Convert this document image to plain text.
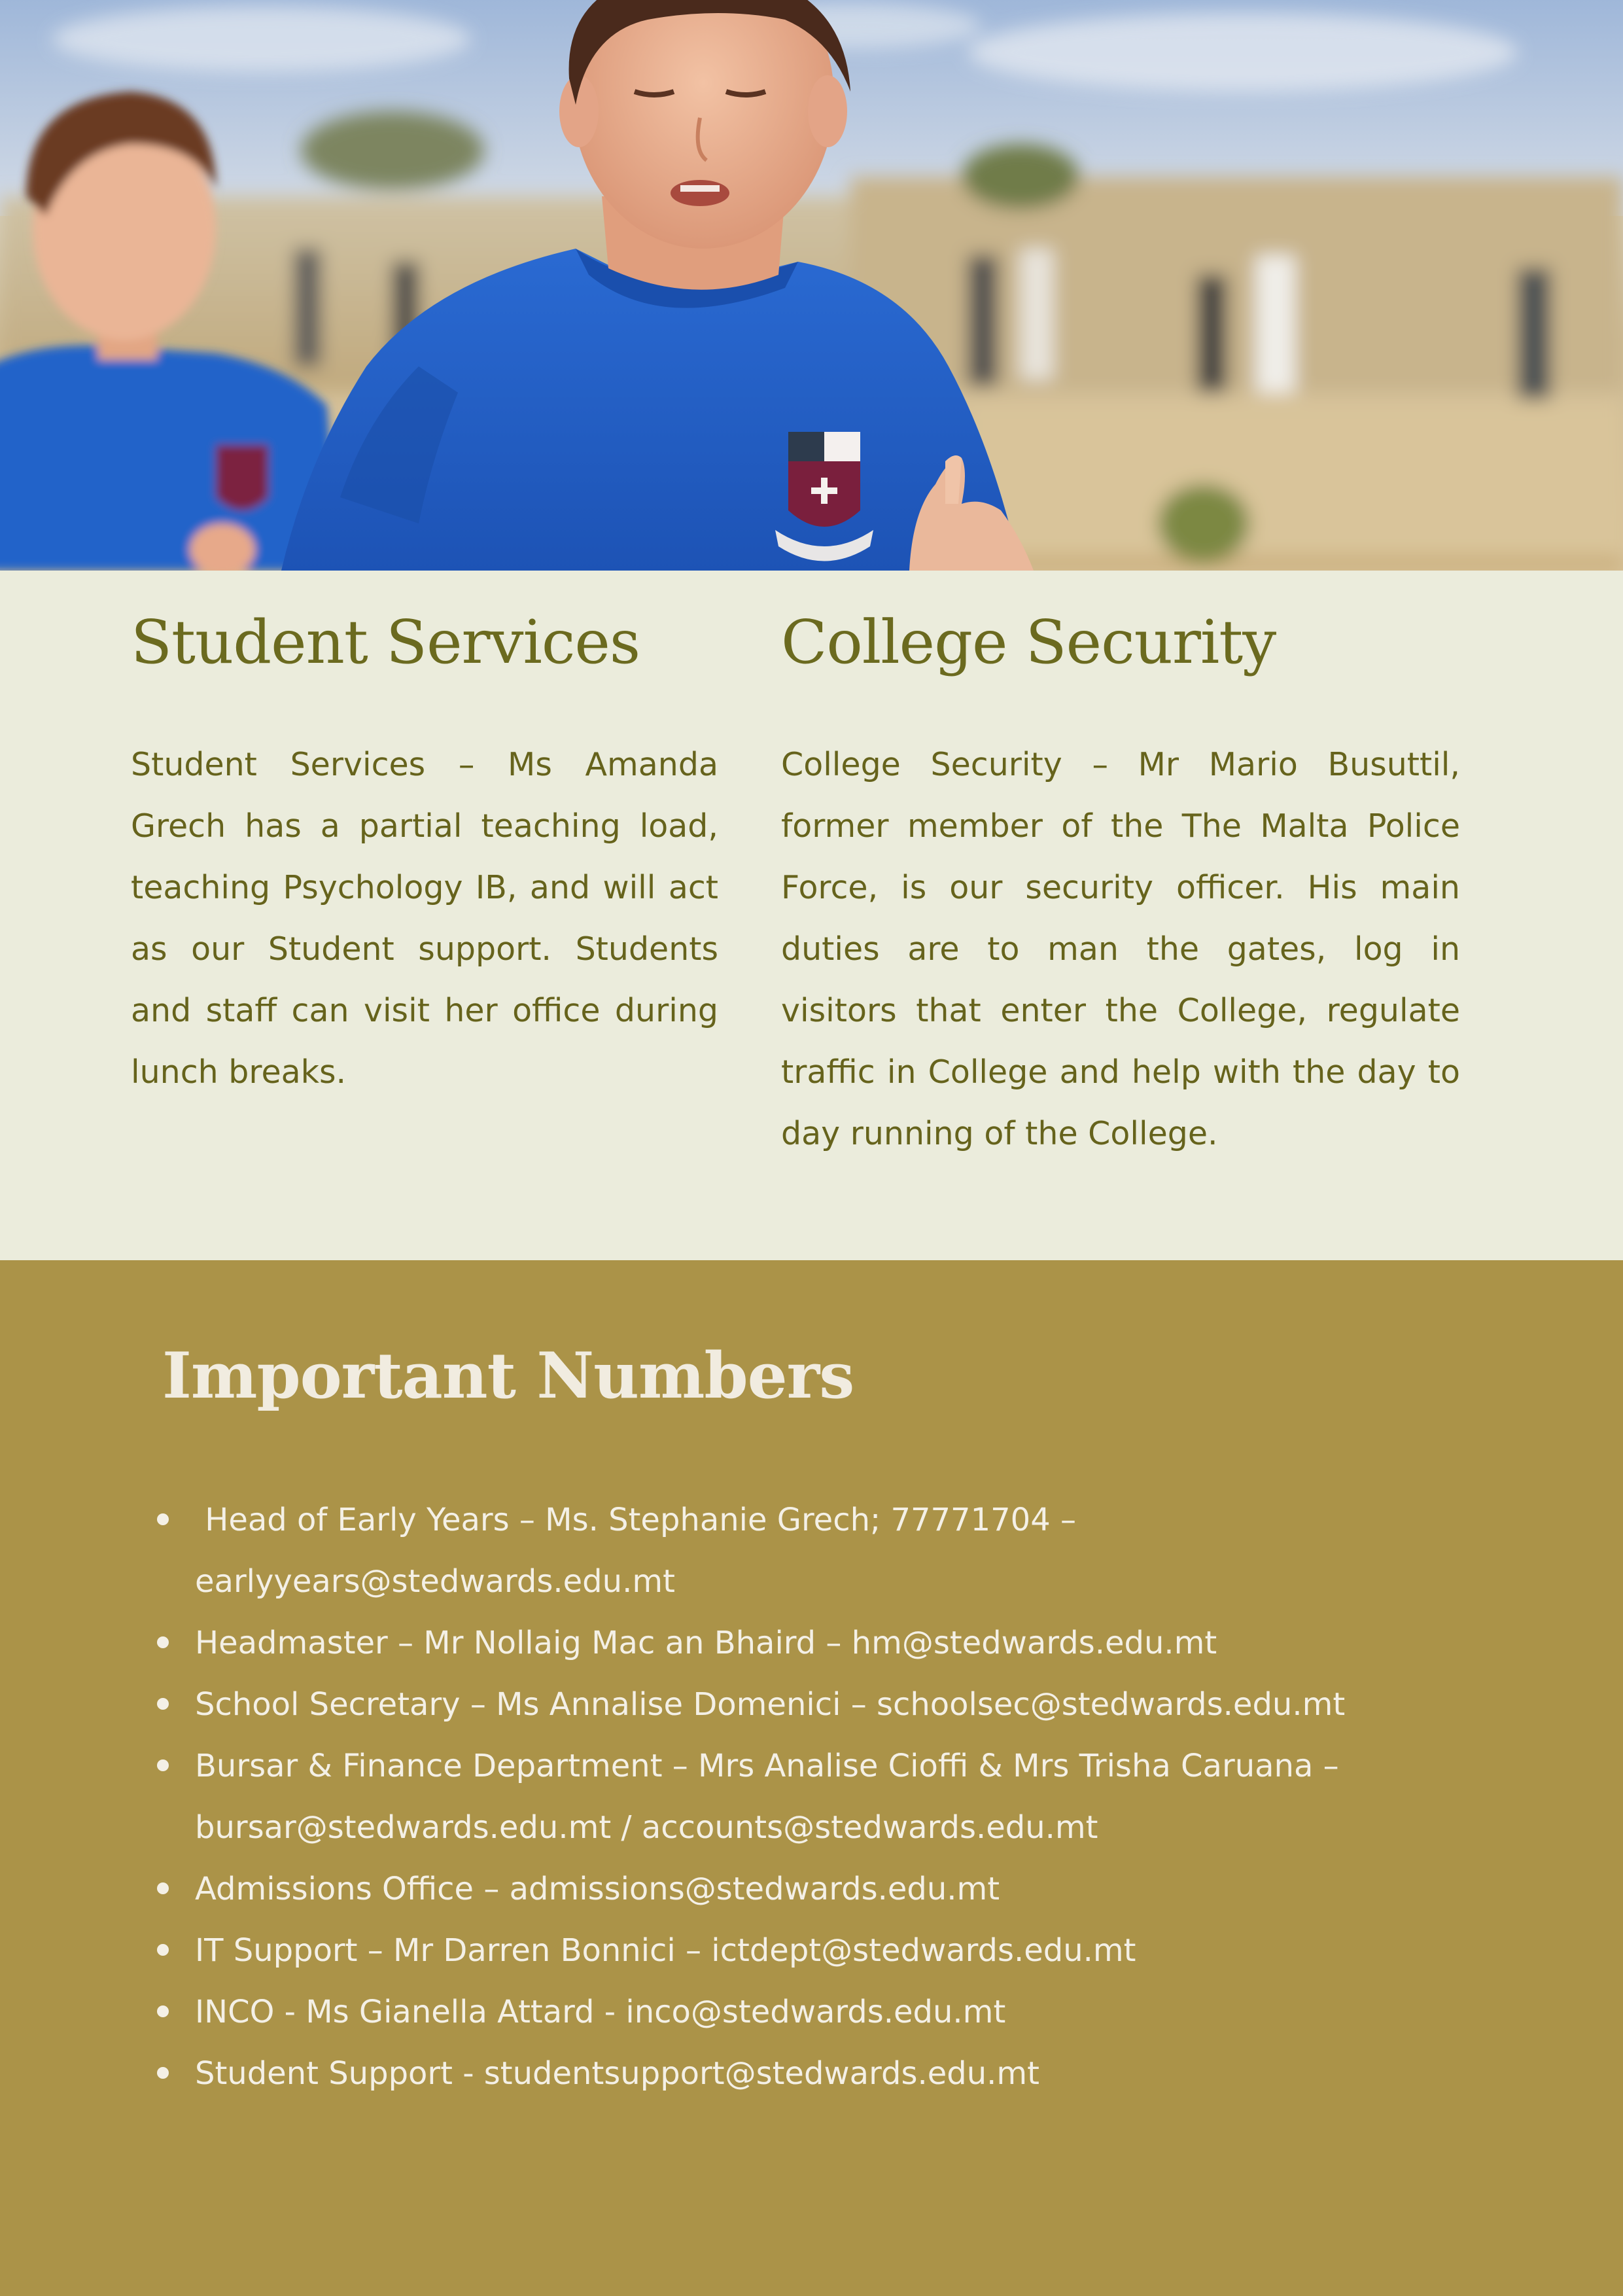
Student Services

Student Services – Ms Amanda Grech has a partial teaching load, teaching Psychology IB, and will act as our Student support. Students and staff can visit her office during lunch breaks.

College Security

College Security – Mr Mario Busuttil, former member of the The Malta Police Force, is our security officer. His main duties are to man the gates, log in visitors that enter the College, regulate traffic in College and help with the day to day running of the College.

Important Numbers
Head of Early Years – Ms. Stephanie Grech; 77771704 – earlyyears@stedwards.edu.mt
Headmaster – Mr Nollaig Mac an Bhaird – hm@stedwards.edu.mt
School Secretary – Ms Annalise Domenici – schoolsec@stedwards.edu.mt
Bursar & Finance Department – Mrs Analise Cioffi & Mrs Trisha Caruana – bursar@stedwards.edu.mt / accounts@stedwards.edu.mt
Admissions Office – admissions@stedwards.edu.mt
IT Support – Mr Darren Bonnici – ictdept@stedwards.edu.mt
INCO - Ms Gianella Attard - inco@stedwards.edu.mt
Student Support - studentsupport@stedwards.edu.mt
